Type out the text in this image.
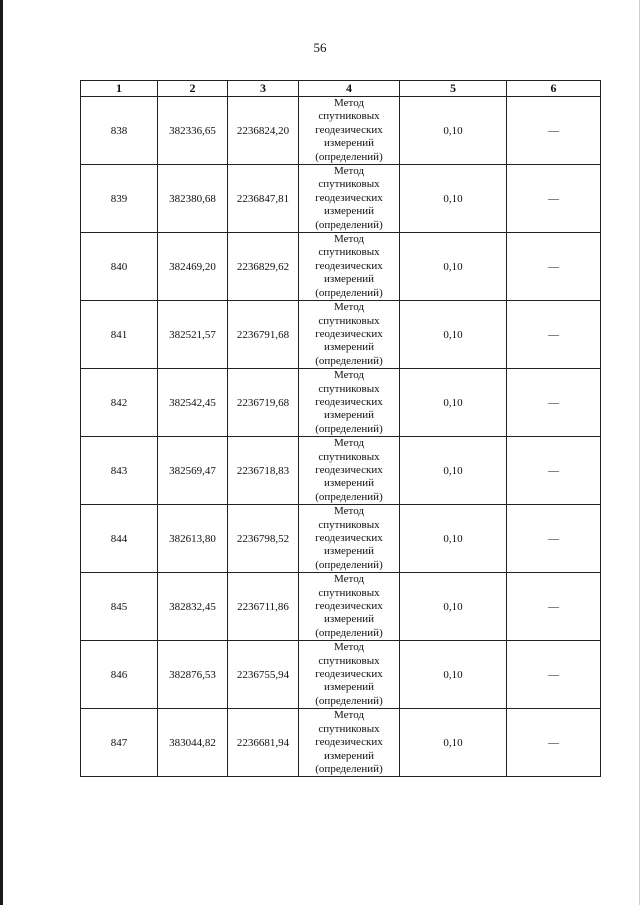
56
1	2	3	4	5	6
838	382336,65	2236824,20	Метод
спутниковых
геодезических
измерений
(определений)	0,10	—
839	382380,68	2236847,81	Метод
спутниковых
геодезических
измерений
(определений)	0,10	—
840	382469,20	2236829,62	Метод
спутниковых
геодезических
измерений
(определений)	0,10	—
841	382521,57	2236791,68	Метод
спутниковых
геодезических
измерений
(определений)	0,10	—
842	382542,45	2236719,68	Метод
спутниковых
геодезических
измерений
(определений)	0,10	—
843	382569,47	2236718,83	Метод
спутниковых
геодезических
измерений
(определений)	0,10	—
844	382613,80	2236798,52	Метод
спутниковых
геодезических
измерений
(определений)	0,10	—
845	382832,45	2236711,86	Метод
спутниковых
геодезических
измерений
(определений)	0,10	—
846	382876,53	2236755,94	Метод
спутниковых
геодезических
измерений
(определений)	0,10	—
847	383044,82	2236681,94	Метод
спутниковых
геодезических
измерений
(определений)	0,10	—
